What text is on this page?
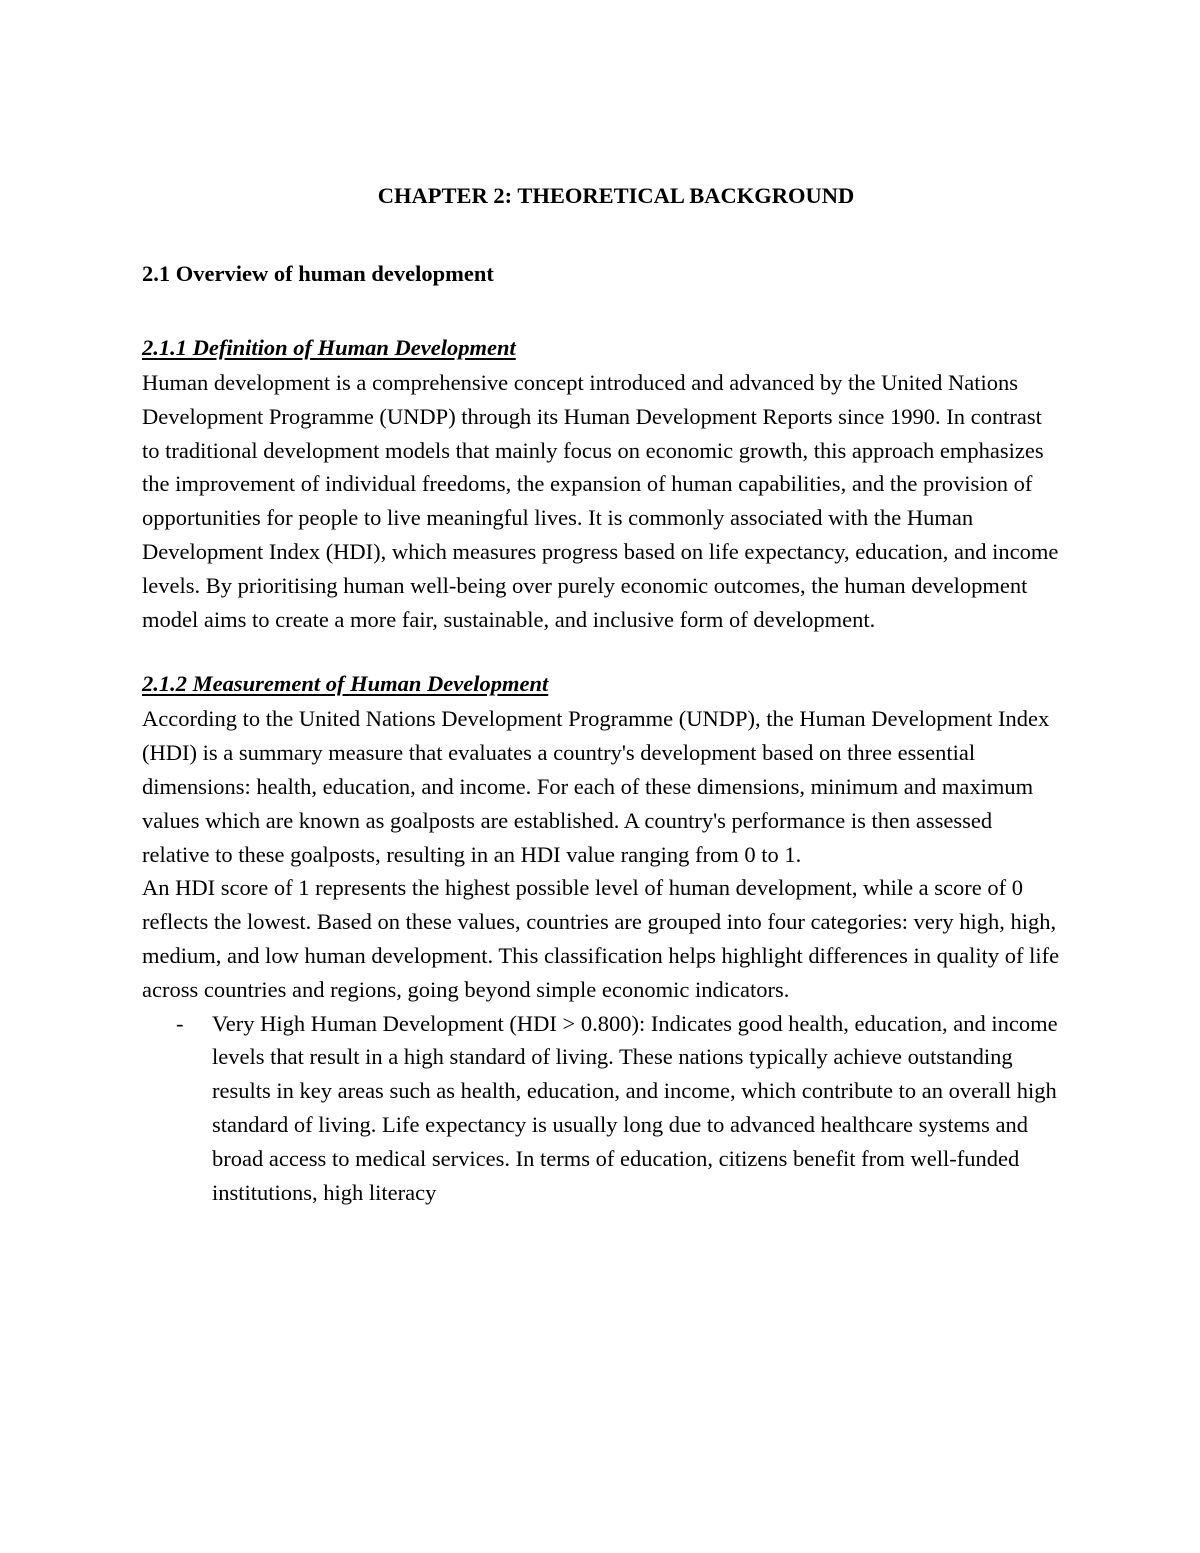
CHAPTER 2: THEORETICAL BACKGROUND
2.1 Overview of human development
2.1.1 Definition of Human Development

Human development is a comprehensive concept introduced and advanced by the United Nations Development Programme (UNDP) through its Human Development Reports since 1990. In contrast to traditional development models that mainly focus on economic growth, this approach emphasizes the improvement of individual freedoms, the expansion of human capabilities, and the provision of opportunities for people to live meaningful lives. It is commonly associated with the Human Development Index (HDI), which measures progress based on life expectancy, education, and income levels. By prioritising human well-being over purely economic outcomes, the human development model aims to create a more fair, sustainable, and inclusive form of development.

2.1.2 Measurement of Human Development

According to the United Nations Development Programme (UNDP), the Human Development Index (HDI) is a summary measure that evaluates a country's development based on three essential dimensions: health, education, and income. For each of these dimensions, minimum and maximum values which are known as goalposts are established. A country's performance is then assessed relative to these goalposts, resulting in an HDI value ranging from 0 to 1.

An HDI score of 1 represents the highest possible level of human development, while a score of 0 reflects the lowest. Based on these values, countries are grouped into four categories: very high, high, medium, and low human development. This classification helps highlight differences in quality of life across countries and regions, going beyond simple economic indicators.

- Very High Human Development (HDI > 0.800): Indicates good health, education, and income levels that result in a high standard of living. These nations typically achieve outstanding results in key areas such as health, education, and income, which contribute to an overall high standard of living. Life expectancy is usually long due to advanced healthcare systems and broad access to medical services. In terms of education, citizens benefit from well-funded institutions, high literacy
